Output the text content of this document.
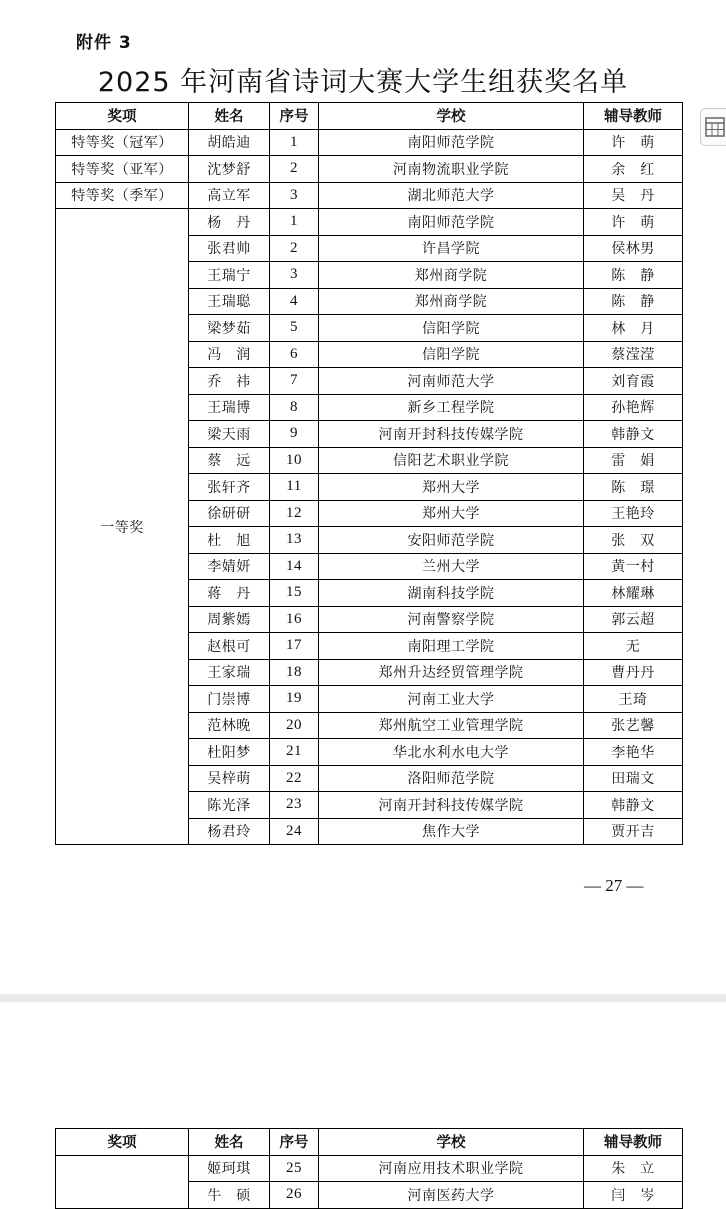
附件 3
2025 年河南省诗词大赛大学生组获奖名单
奖项	姓名	序号	学校	辅导教师
特等奖（冠军）	胡皓迪	1	南阳师范学院	许　萌
特等奖（亚军）	沈梦舒	2	河南物流职业学院	余　红
特等奖（季军）	高立军	3	湖北师范大学	吴　丹
一等奖	杨　丹	1	南阳师范学院	许　萌
	张君帅	2	许昌学院	侯林男
	王瑞宁	3	郑州商学院	陈　静
	王瑞聪	4	郑州商学院	陈　静
	梁梦茹	5	信阳学院	林　月
	冯　润	6	信阳学院	蔡滢滢
	乔　祎	7	河南师范大学	刘育霞
	王瑞博	8	新乡工程学院	孙艳辉
	梁天雨	9	河南开封科技传媒学院	韩静文
	蔡　远	10	信阳艺术职业学院	雷　娟
	张轩齐	11	郑州大学	陈　璟
	徐研研	12	郑州大学	王艳玲
	杜　旭	13	安阳师范学院	张　双
	李婧妍	14	兰州大学	黄一村
	蒋　丹	15	湖南科技学院	林耀琳
	周紫嫣	16	河南警察学院	郭云超
	赵根可	17	南阳理工学院	无
	王家瑞	18	郑州升达经贸管理学院	曹丹丹
	门崇博	19	河南工业大学	王琦
	范林晚	20	郑州航空工业管理学院	张艺馨
	杜阳梦	21	华北水利水电大学	李艳华
	吴梓萌	22	洛阳师范学院	田瑞文
	陈光泽	23	河南开封科技传媒学院	韩静文
	杨君玲	24	焦作大学	贾开吉
— 27 —
奖项	姓名	序号	学校	辅导教师
	姬珂琪	25	河南应用技术职业学院	朱　立
	牛　硕	26	河南医药大学	闫　岑
